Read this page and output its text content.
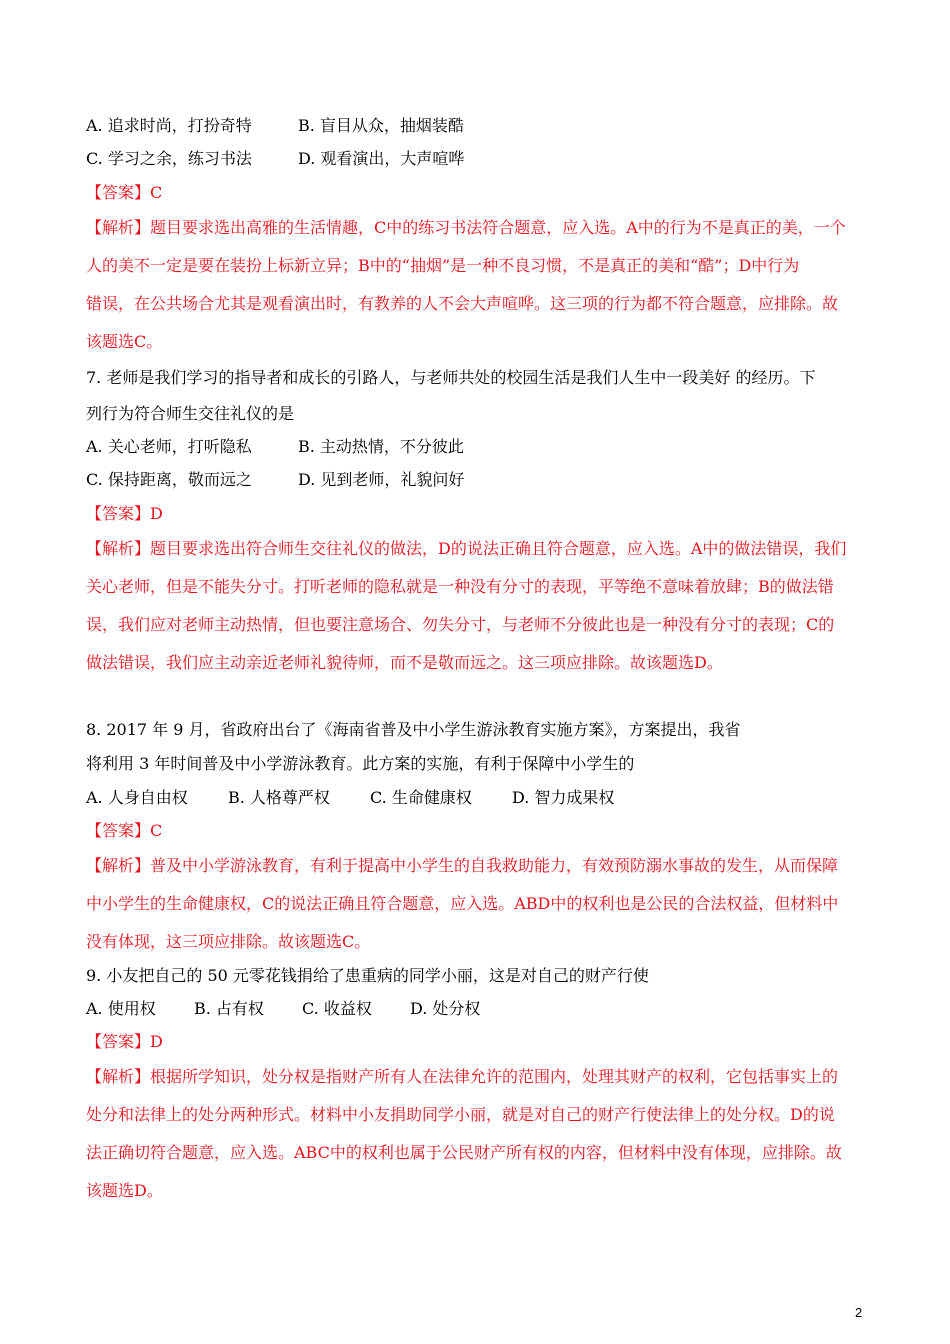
A. 追求时尚，打扮奇特	B. 盲目从众，抽烟装酷
C. 学习之余，练习书法	D. 观看演出，大声喧哗
【答案】C
【解析】题目要求选出高雅的生活情趣，C中的练习书法符合题意，应入选。A中的行为不是真正的美，一个
人的美不一定是要在装扮上标新立异；B中的“抽烟”是一种不良习惯，不是真正的美和“酷”；D中行为
错误，在公共场合尤其是观看演出时，有教养的人不会大声喧哗。这三项的行为都不符合题意，应排除。故
该题选C。
7. 老师是我们学习的指导者和成长的引路人，与老师共处的校园生活是我们人生中一段美好 的经历。下
列行为符合师生交往礼仪的是
A. 关心老师，打听隐私	B. 主动热情，不分彼此
C. 保持距离，敬而远之	D. 见到老师，礼貌问好
【答案】D
【解析】题目要求选出符合师生交往礼仪的做法，D的说法正确且符合题意，应入选。A中的做法错误，我们
关心老师，但是不能失分寸。打听老师的隐私就是一种没有分寸的表现，平等绝不意味着放肆；B的做法错
误，我们应对老师主动热情，但也要注意场合、勿失分寸，与老师不分彼此也是一种没有分寸的表现；C的
做法错误，我们应主动亲近老师礼貌待师，而不是敬而远之。这三项应排除。故该题选D。
8. 2017 年 9 月，省政府出台了《海南省普及中小学生游泳教育实施方案》，方案提出，我省
将利用 3 年时间普及中小学游泳教育。此方案的实施，有利于保障中小学生的
A. 人身自由权	B. 人格尊严权	C. 生命健康权	D. 智力成果权
【答案】C
【解析】普及中小学游泳教育，有利于提高中小学生的自我救助能力，有效预防溺水事故的发生，从而保障
中小学生的生命健康权，C的说法正确且符合题意，应入选。ABD中的权利也是公民的合法权益，但材料中
没有体现，这三项应排除。故该题选C。
9. 小友把自己的 50 元零花钱捐给了患重病的同学小丽，这是对自己的财产行使
A. 使用权 B. 占有权 C. 收益权 D. 处分权
【答案】D
【解析】根据所学知识，处分权是指财产所有人在法律允许的范围内，处理其财产的权利，它包括事实上的
处分和法律上的处分两种形式。材料中小友捐助同学小丽，就是对自己的财产行使法律上的处分权。D的说
法正确切符合题意，应入选。ABC中的权利也属于公民财产所有权的内容，但材料中没有体现，应排除。故
该题选D。
2
